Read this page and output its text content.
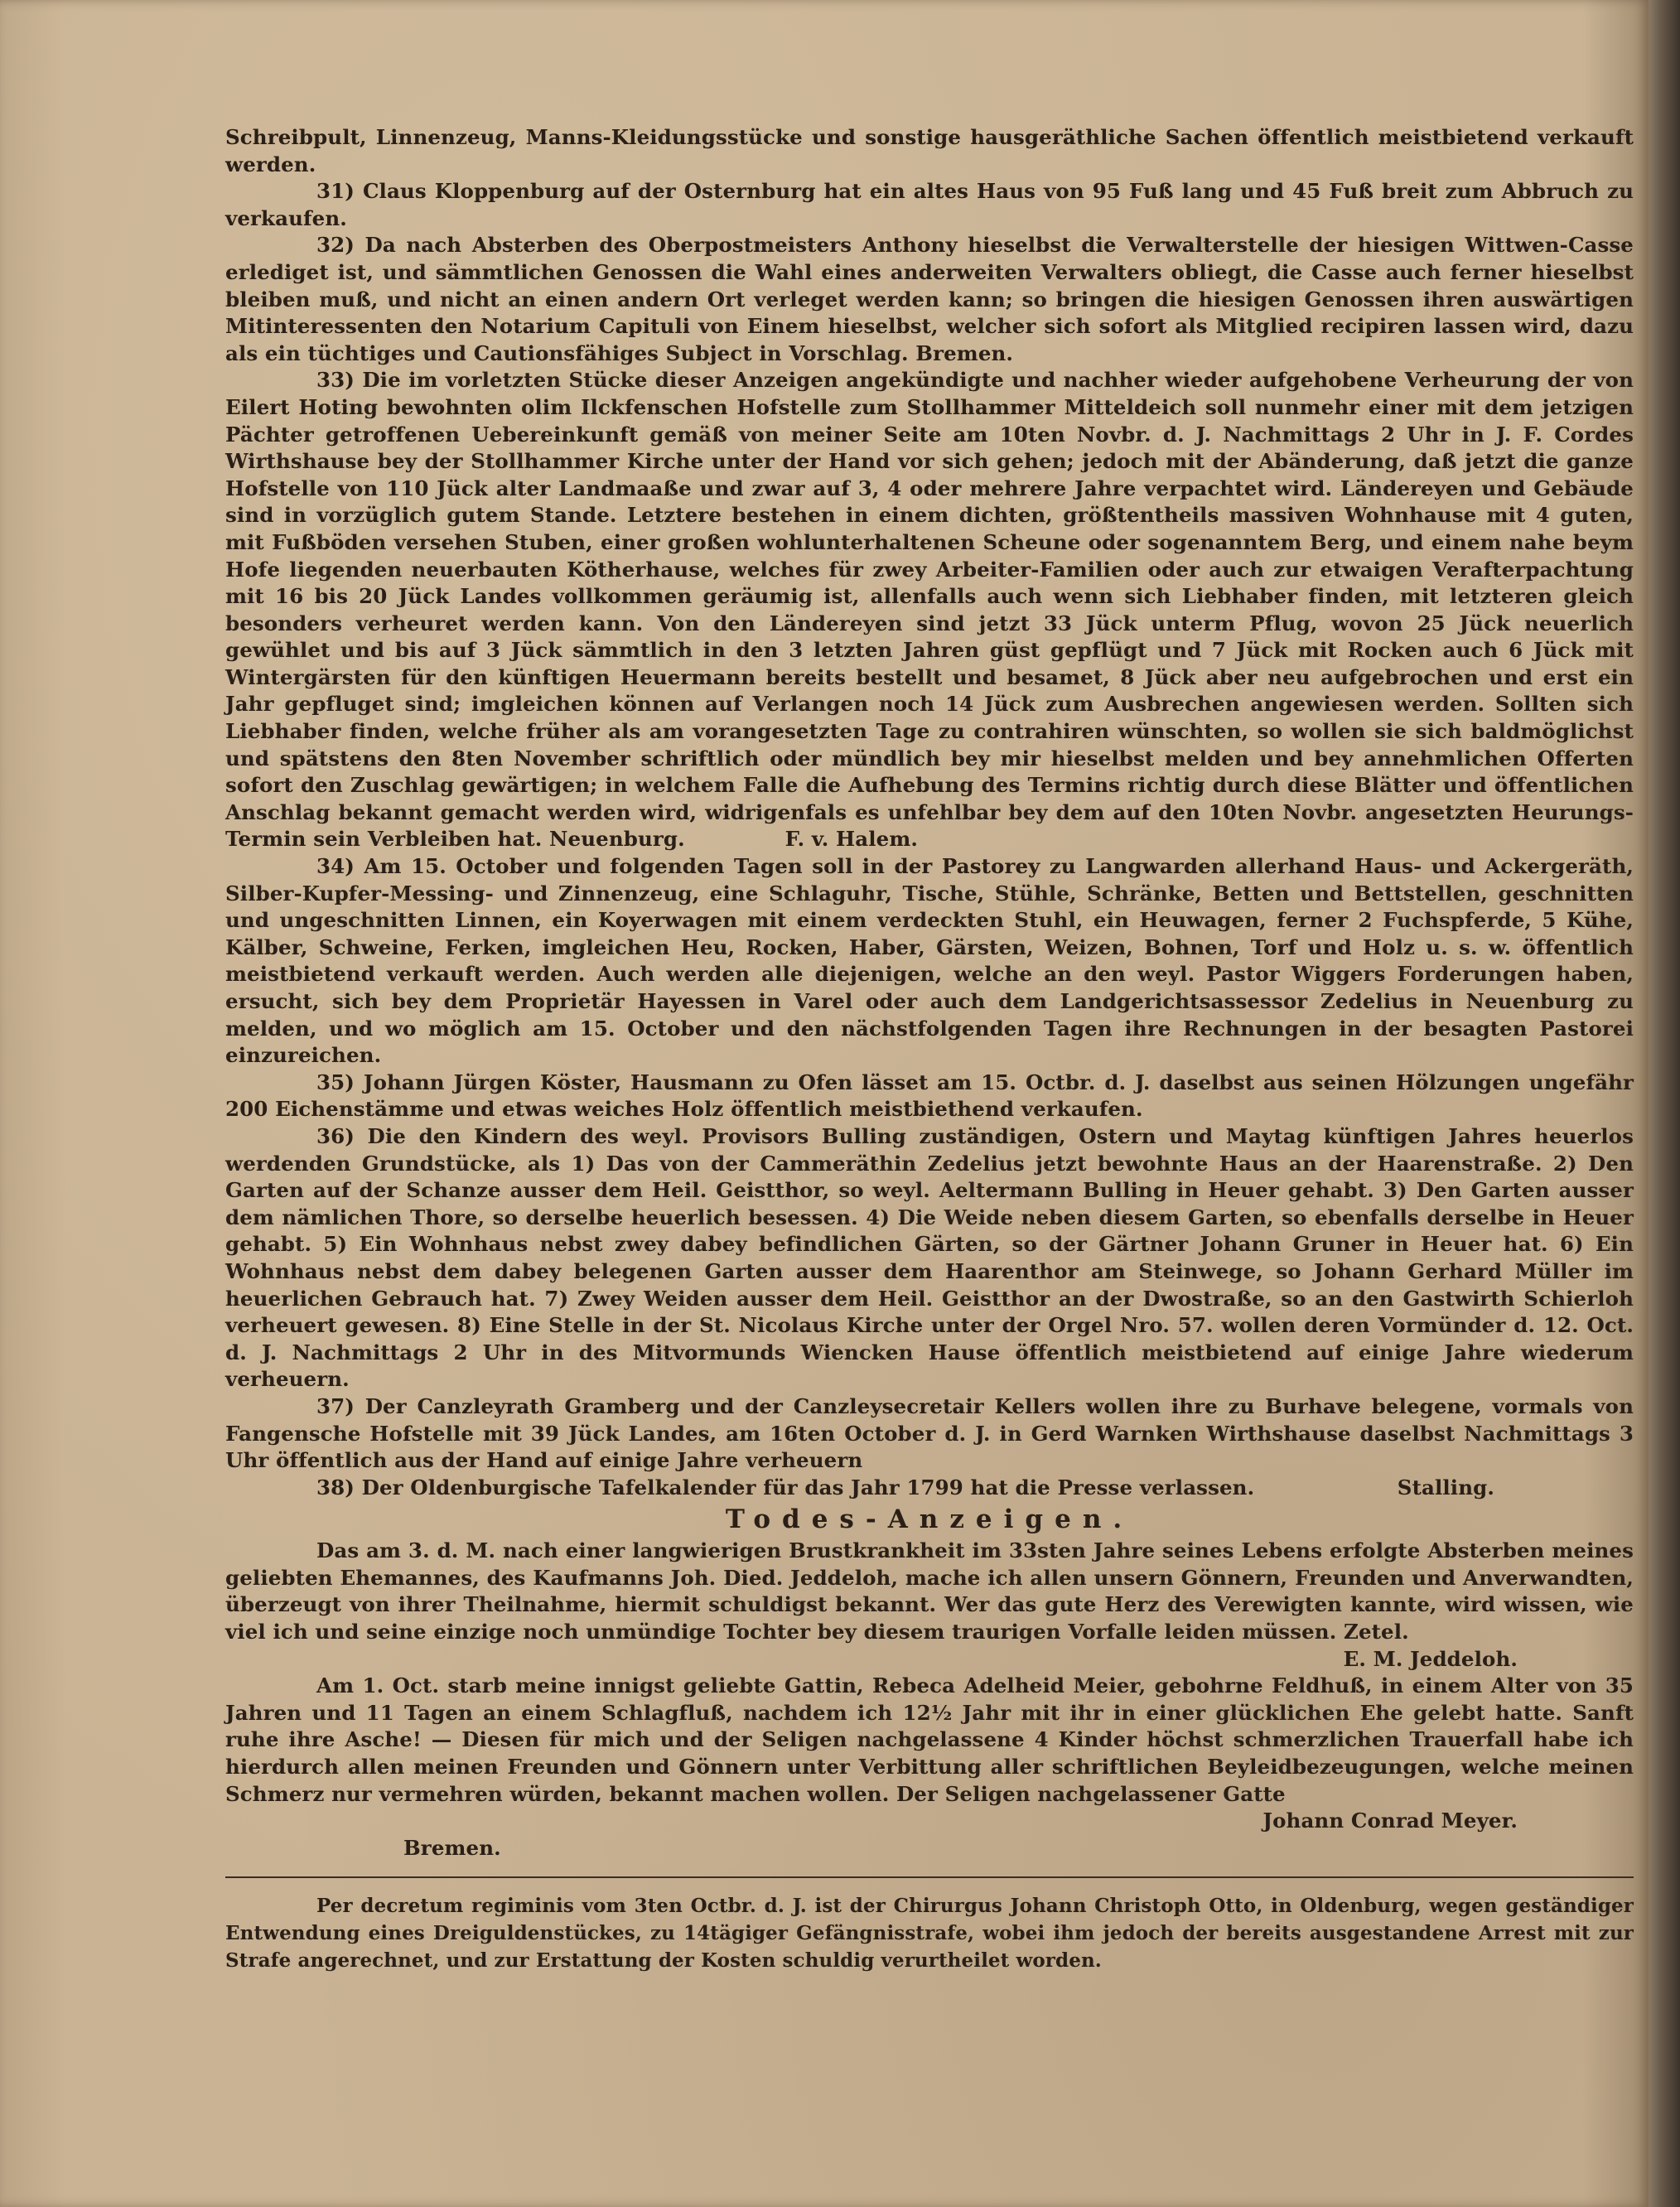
Schreibpult, Linnenzeug, Manns-Kleidungsstücke und sonstige hausgeräthliche Sachen öffentlich meistbietend verkauft werden.

31) Claus Kloppenburg auf der Osternburg hat ein altes Haus von 95 Fuß lang und 45 Fuß breit zum Abbruch zu verkaufen.

32) Da nach Absterben des Oberpostmeisters Anthony hieselbst die Verwalterstelle der hiesigen Wittwen-Casse erlediget ist, und sämmtlichen Genossen die Wahl eines anderweiten Verwalters obliegt, die Casse auch ferner hieselbst bleiben muß, und nicht an einen andern Ort verleget werden kann; so bringen die hiesigen Genossen ihren auswärtigen Mitinteressenten den Notarium Capituli von Einem hieselbst, welcher sich sofort als Mitglied recipiren lassen wird, dazu als ein tüchtiges und Cautionsfähiges Subject in Vorschlag. Bremen.

33) Die im vorletzten Stücke dieser Anzeigen angekündigte und nachher wieder aufgehobene Verheurung der von Eilert Hoting bewohnten olim Ilckfenschen Hofstelle zum Stollhammer Mitteldeich soll nunmehr einer mit dem jetzigen Pächter getroffenen Uebereinkunft gemäß von meiner Seite am 10ten Novbr. d. J. Nachmittags 2 Uhr in J. F. Cordes Wirthshause bey der Stollhammer Kirche unter der Hand vor sich gehen; jedoch mit der Abänderung, daß jetzt die ganze Hofstelle von 110 Jück alter Landmaaße und zwar auf 3, 4 oder mehrere Jahre verpachtet wird. Ländereyen und Gebäude sind in vorzüglich gutem Stande. Letztere bestehen in einem dichten, größtentheils massiven Wohnhause mit 4 guten, mit Fußböden versehen Stuben, einer großen wohlunterhaltenen Scheune oder sogenanntem Berg, und einem nahe beym Hofe liegenden neuerbauten Kötherhause, welches für zwey Arbeiter-Familien oder auch zur etwaigen Verafterpachtung mit 16 bis 20 Jück Landes vollkommen geräumig ist, allenfalls auch wenn sich Liebhaber finden, mit letzteren gleich besonders verheuret werden kann. Von den Ländereyen sind jetzt 33 Jück unterm Pflug, wovon 25 Jück neuerlich gewühlet und bis auf 3 Jück sämmtlich in den 3 letzten Jahren güst gepflügt und 7 Jück mit Rocken auch 6 Jück mit Wintergärsten für den künftigen Heuermann bereits bestellt und besamet, 8 Jück aber neu aufgebrochen und erst ein Jahr gepfluget sind; imgleichen können auf Verlangen noch 14 Jück zum Ausbrechen angewiesen werden. Sollten sich Liebhaber finden, welche früher als am vorangesetzten Tage zu contrahiren wünschten, so wollen sie sich baldmöglichst und spätstens den 8ten November schriftlich oder mündlich bey mir hieselbst melden und bey annehmlichen Offerten sofort den Zuschlag gewärtigen; in welchem Falle die Aufhebung des Termins richtig durch diese Blätter und öffentlichen Anschlag bekannt gemacht werden wird, widrigenfals es unfehlbar bey dem auf den 10ten Novbr. angesetzten Heurungs-Termin sein Verbleiben hat. Neuenburg.	F. v. Halem.

34) Am 15. October und folgenden Tagen soll in der Pastorey zu Langwarden allerhand Haus- und Ackergeräth, Silber-Kupfer-Messing- und Zinnenzeug, eine Schlaguhr, Tische, Stühle, Schränke, Betten und Bettstellen, geschnitten und ungeschnitten Linnen, ein Koyerwagen mit einem verdeckten Stuhl, ein Heuwagen, ferner 2 Fuchspferde, 5 Kühe, Kälber, Schweine, Ferken, imgleichen Heu, Rocken, Haber, Gärsten, Weizen, Bohnen, Torf und Holz u. s. w. öffentlich meistbietend verkauft werden. Auch werden alle diejenigen, welche an den weyl. Pastor Wiggers Forderungen haben, ersucht, sich bey dem Proprietär Hayessen in Varel oder auch dem Landgerichtsassessor Zedelius in Neuenburg zu melden, und wo möglich am 15. October und den nächstfolgenden Tagen ihre Rechnungen in der besagten Pastorei einzureichen.

35) Johann Jürgen Köster, Hausmann zu Ofen lässet am 15. Octbr. d. J. daselbst aus seinen Hölzungen ungefähr 200 Eichenstämme und etwas weiches Holz öffentlich meistbiethend verkaufen.

36) Die den Kindern des weyl. Provisors Bulling zuständigen, Ostern und Maytag künftigen Jahres heuerlos werdenden Grundstücke, als 1) Das von der Cammeräthin Zedelius jetzt bewohnte Haus an der Haarenstraße. 2) Den Garten auf der Schanze ausser dem Heil. Geistthor, so weyl. Aeltermann Bulling in Heuer gehabt. 3) Den Garten ausser dem nämlichen Thore, so derselbe heuerlich besessen. 4) Die Weide neben diesem Garten, so ebenfalls derselbe in Heuer gehabt. 5) Ein Wohnhaus nebst zwey dabey befindlichen Gärten, so der Gärtner Johann Gruner in Heuer hat. 6) Ein Wohnhaus nebst dem dabey belegenen Garten ausser dem Haarenthor am Steinwege, so Johann Gerhard Müller im heuerlichen Gebrauch hat. 7) Zwey Weiden ausser dem Heil. Geistthor an der Dwostraße, so an den Gastwirth Schierloh verheuert gewesen. 8) Eine Stelle in der St. Nicolaus Kirche unter der Orgel Nro. 57. wollen deren Vormünder d. 12. Oct. d. J. Nachmittags 2 Uhr in des Mitvormunds Wiencken Hause öffentlich meistbietend auf einige Jahre wiederum verheuern.

37) Der Canzleyrath Gramberg und der Canzleysecretair Kellers wollen ihre zu Burhave belegene, vormals von Fangensche Hofstelle mit 39 Jück Landes, am 16ten October d. J. in Gerd Warnken Wirthshause daselbst Nachmittags 3 Uhr öffentlich aus der Hand auf einige Jahre verheuern

38) Der Oldenburgische Tafelkalender für das Jahr 1799 hat die Presse verlassen.	Stalling.

Todes-Anzeigen.

Das am 3. d. M. nach einer langwierigen Brustkrankheit im 33sten Jahre seines Lebens erfolgte Absterben meines geliebten Ehemannes, des Kaufmanns Joh. Died. Jeddeloh, mache ich allen unsern Gönnern, Freunden und Anverwandten, überzeugt von ihrer Theilnahme, hiermit schuldigst bekannt. Wer das gute Herz des Verewigten kannte, wird wissen, wie viel ich und seine einzige noch unmündige Tochter bey diesem traurigen Vorfalle leiden müssen. Zetel.

E. M. Jeddeloh.

Am 1. Oct. starb meine innigst geliebte Gattin, Rebeca Adelheid Meier, gebohrne Feldhuß, in einem Alter von 35 Jahren und 11 Tagen an einem Schlagfluß, nachdem ich 12½ Jahr mit ihr in einer glücklichen Ehe gelebt hatte. Sanft ruhe ihre Asche! — Diesen für mich und der Seligen nachgelassene 4 Kinder höchst schmerzlichen Trauerfall habe ich hierdurch allen meinen Freunden und Gönnern unter Verbittung aller schriftlichen Beyleidbezeugungen, welche meinen Schmerz nur vermehren würden, bekannt machen wollen. Der Seligen nachgelassener Gatte

Johann Conrad Meyer.

Bremen.

Per decretum regiminis vom 3ten Octbr. d. J. ist der Chirurgus Johann Christoph Otto, in Oldenburg, wegen geständiger Entwendung eines Dreiguldenstückes, zu 14tägiger Gefängnisstrafe, wobei ihm jedoch der bereits ausgestandene Arrest mit zur Strafe angerechnet, und zur Erstattung der Kosten schuldig verurtheilet worden.
